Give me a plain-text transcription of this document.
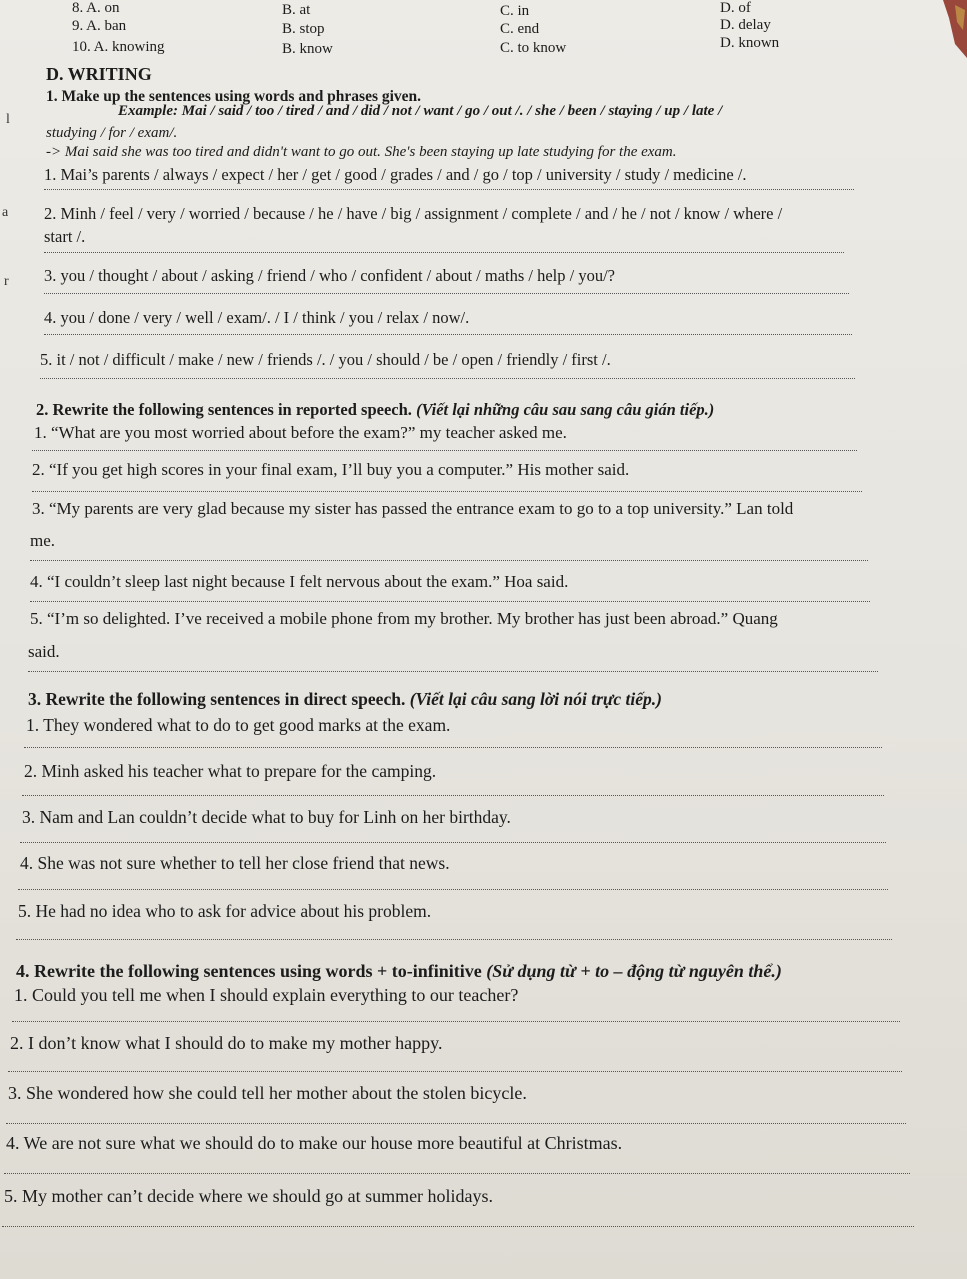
8. A. on	B. at	C. in	D. of
9. A. ban	B. stop	C. end	D. delay
10. A. knowing	B. know	C. to know	D. known
D. WRITING
1. Make up the sentences using words and phrases given.
Example: Mai / said / too / tired / and / did / not / want / go / out /. / she / been / staying / up / late /
studying / for / exam/.
-> Mai said she was too tired and didn't want to go out. She's been staying up late studying for the exam.
1. Mai’s parents / always / expect / her / get / good / grades / and / go / top / university / study / medicine /.
2. Minh / feel / very / worried / because / he / have / big / assignment / complete / and / he / not / know / where /
start /.
3. you / thought / about / asking / friend / who / confident / about / maths / help / you/?
4. you / done / very / well / exam/. / I / think / you / relax / now/.
5. it / not / difficult / make / new / friends /. / you / should / be / open / friendly / first /.
2. Rewrite the following sentences in reported speech. (Viết lại những câu sau sang câu gián tiếp.)
1. “What are you most worried about before the exam?” my teacher asked me.
2. “If you get high scores in your final exam, I’ll buy you a computer.” His mother said.
3. “My parents are very glad because my sister has passed the entrance exam to go to a top university.” Lan told
me.
4. “I couldn’t sleep last night because I felt nervous about the exam.” Hoa said.
5. “I’m so delighted. I’ve received a mobile phone from my brother. My brother has just been abroad.” Quang
said.
3. Rewrite the following sentences in direct speech. (Viết lại câu sang lời nói trực tiếp.)
1. They wondered what to do to get good marks at the exam.
2. Minh asked his teacher what to prepare for the camping.
3. Nam and Lan couldn’t decide what to buy for Linh on her birthday.
4. She was not sure whether to tell her close friend that news.
5. He had no idea who to ask for advice about his problem.
4. Rewrite the following sentences using words + to-infinitive (Sử dụng từ + to – động từ nguyên thể.)
1. Could you tell me when I should explain everything to our teacher?
2. I don’t know what I should do to make my mother happy.
3. She wondered how she could tell her mother about the stolen bicycle.
4. We are not sure what we should do to make our house more beautiful at Christmas.
5. My mother can’t decide where we should go at summer holidays.
l
a
r
